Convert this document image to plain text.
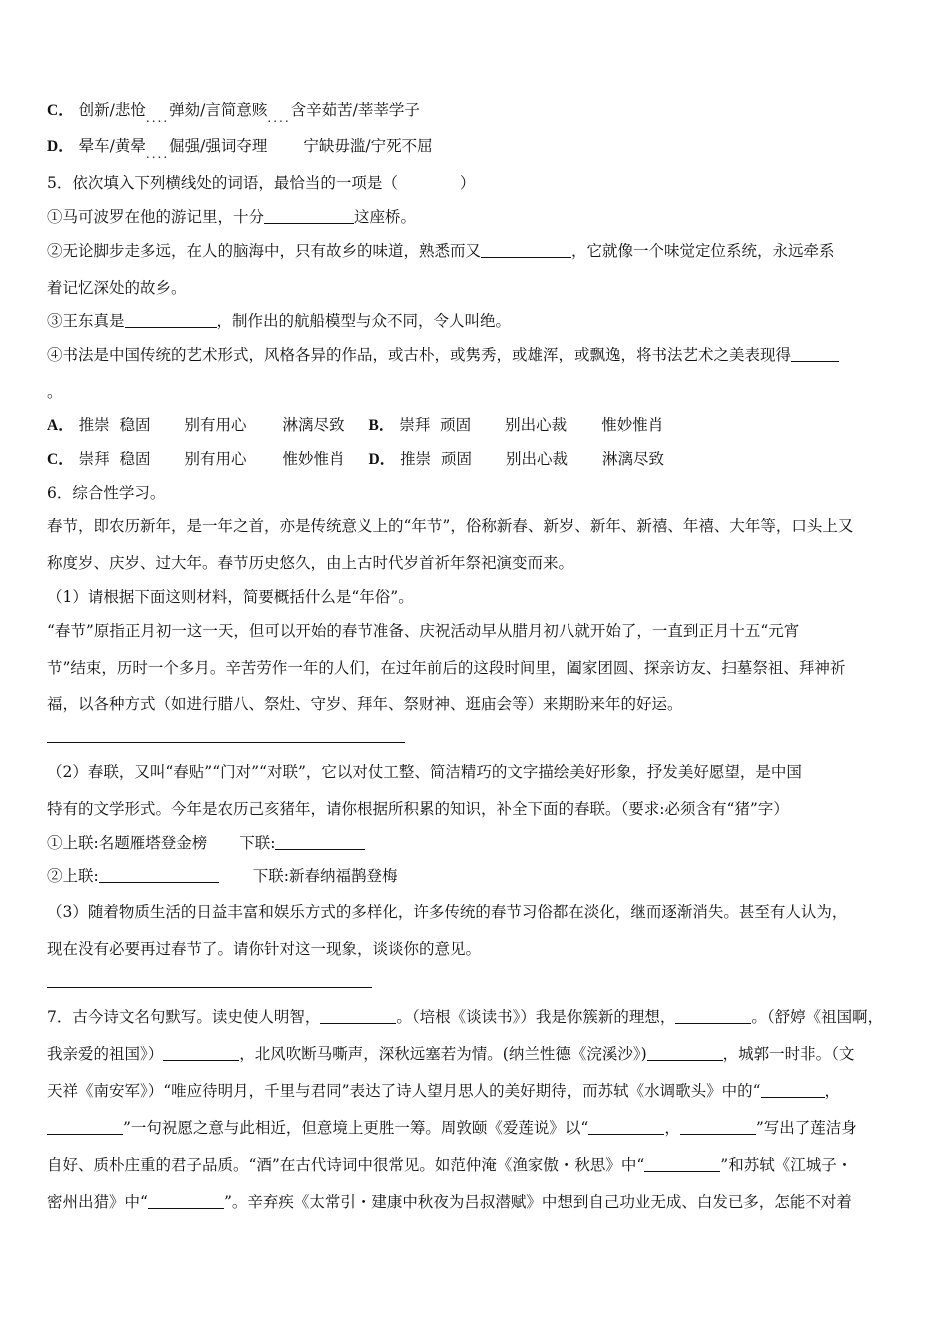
C． 创新/悲怆....弹劾/言简意赅....含辛茹苦/莘莘学子
D． 晕车/黄晕....倔强/强词夺理 宁缺毋滥/宁死不屈
5．依次填入下列横线处的词语，最恰当的一项是（　　　　）
①马可波罗在他的游记里，十分	这座桥。
②无论脚步走多远，在人的脑海中，只有故乡的味道，熟悉而又	，它就像一个味觉定位系统，永远牵系
着记忆深处的故乡。
③王东真是	，制作出的航船模型与众不同，令人叫绝。
④书法是中国传统的艺术形式，风格各异的作品，或古朴，或隽秀，或雄浑，或飘逸，将书法艺术之美表现得
。
A． 推崇  稳固 别有用心 淋漓尽致 B． 崇拜  顽固 别出心裁 惟妙惟肖
C． 崇拜  稳固 别有用心 惟妙惟肖 D． 推崇  顽固 别出心裁 淋漓尽致
6．综合性学习。
春节，即农历新年，是一年之首，亦是传统意义上的“年节”，俗称新春、新岁、新年、新禧、年禧、大年等，口头上又
称度岁、庆岁、过大年。春节历史悠久，由上古时代岁首祈年祭祀演变而来。
（1）请根据下面这则材料，简要概括什么是“年俗”。
“春节”原指正月初一这一天，但可以开始的春节准备、庆祝活动早从腊月初八就开始了，一直到正月十五“元宵
节”结束，历时一个多月。辛苦劳作一年的人们，在过年前后的这段时间里，阖家团圆、探亲访友、扫墓祭祖、拜神祈
福，以各种方式（如进行腊八、祭灶、守岁、拜年、祭财神、逛庙会等）来期盼来年的好运。
（2）春联，又叫“春贴”“门对”“对联”，它以对仗工整、简洁精巧的文字描绘美好形象，抒发美好愿望，是中国
特有的文学形式。今年是农历己亥猪年，请你根据所积累的知识，补全下面的春联。（要求:必须含有“猪”字）
①上联:名题雁塔登金榜 下联:
②上联:	下联:新春纳福鹊登梅
（3）随着物质生活的日益丰富和娱乐方式的多样化，许多传统的春节习俗都在淡化，继而逐渐消失。甚至有人认为，
现在没有必要再过春节了。请你针对这一现象，谈谈你的意见。
7．古今诗文名句默写。读史使人明智，	。（培根《谈读书》）我是你簇新的理想，	。（舒婷《祖国啊，
我亲爱的祖国》）	，北风吹断马嘶声，深秋远塞若为情。(纳兰性德《浣溪沙》)	，城郭一时非。（文
天祥《南安军》）“唯应待明月，千里与君同”表达了诗人望月思人的美好期待，而苏轼《水调歌头》中的“	，
”一句祝愿之意与此相近，但意境上更胜一筹。周敦颐《爱莲说》以“	，	”写出了莲洁身
自好、质朴庄重的君子品质。“酒”在古代诗词中很常见。如范仲淹《渔家傲・秋思》中“	”和苏轼《江城子・
密州出猎》中“	”。辛弃疾《太常引・建康中秋夜为吕叔潜赋》中想到自己功业无成、白发已多，怎能不对着
